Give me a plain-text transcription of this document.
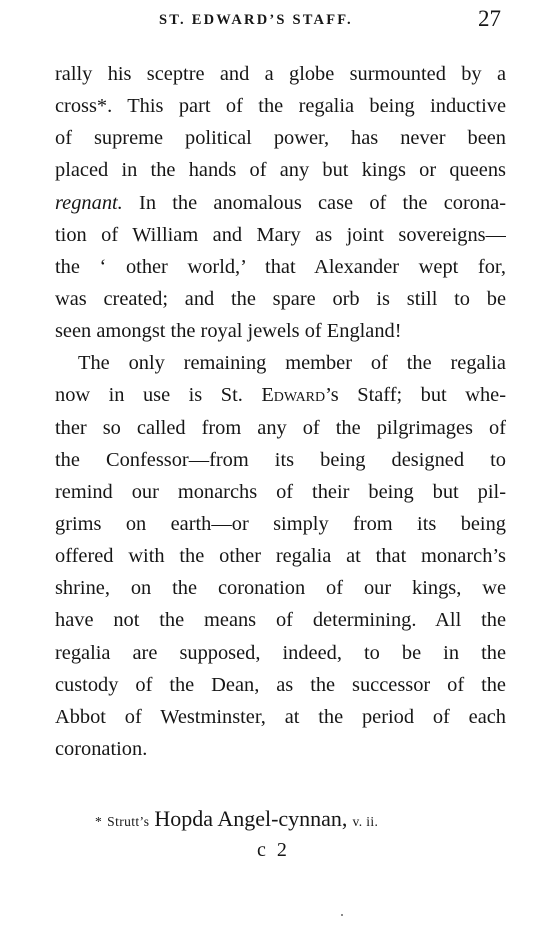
ST. EDWARD’S STAFF.	27
rally his sceptre and a globe surmounted by a
cross*. This part of the regalia being inductive
of supreme political power, has never been
placed in the hands of any but kings or queens
regnant. In the anomalous case of the corona-
tion of William and Mary as joint sovereigns—
the ‘ other world,’ that Alexander wept for,
was created; and the spare orb is still to be
seen amongst the royal jewels of England!
The only remaining member of the regalia
now in use is St. Edward’s Staff; but whe-
ther so called from any of the pilgrimages of
the Confessor—from its being designed to
remind our monarchs of their being but pil-
grims on earth—or simply from its being
offered with the other regalia at that monarch’s
shrine, on the coronation of our kings, we
have not the means of determining. All the
regalia are supposed, indeed, to be in the
custody of the Dean, as the successor of the
Abbot of Westminster, at the period of each
coronation.
* Strutt’s Hopda Angel-cynnan, v. ii.
c 2
